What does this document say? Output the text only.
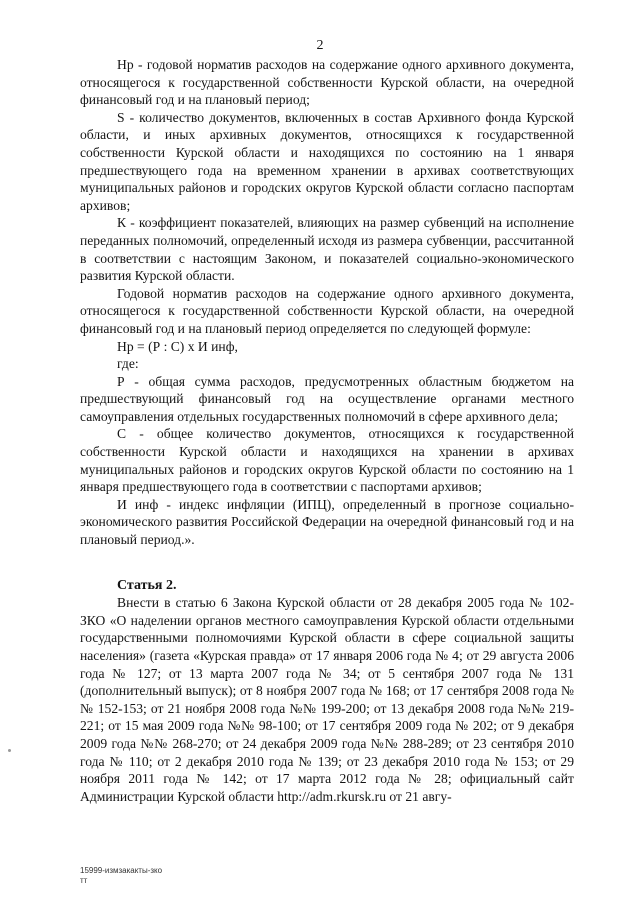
2

Нр - годовой норматив расходов на содержание одного архивного документа, относящегося к государственной собственности Курской области, на очередной финансовый год и на плановый период;

S - количество документов, включенных в состав Архивного фонда Курской области, и иных архивных документов, относящихся к государственной собственности Курской области и находящихся по состоянию на 1 января предшествующего года на временном хранении в архивах соответствующих муниципальных районов и городских округов Курской области согласно паспортам архивов;

К - коэффициент показателей, влияющих на размер субвенций на исполнение переданных полномочий, определенный исходя из размера субвенции, рассчитанной в соответствии с настоящим Законом, и показателей социально-экономического развития Курской области.

Годовой норматив расходов на содержание одного архивного документа, относящегося к государственной собственности Курской области, на очередной финансовый год и на плановый период определяется по следующей формуле:

Нр = (Р : С) х И инф,

где:

Р - общая сумма расходов, предусмотренных областным бюджетом на предшествующий финансовый год на осуществление органами местного самоуправления отдельных государственных полномочий в сфере архивного дела;

С - общее количество документов, относящихся к государственной собственности Курской области и находящихся на хранении в архивах муниципальных районов и городских округов Курской области по состоянию на 1 января предшествующего года в соответствии с паспортами архивов;

И инф - индекс инфляции (ИПЦ), определенный в прогнозе социально-экономического развития Российской Федерации на очередной финансовый год и на плановый период.».

Статья 2.

Внести в статью 6 Закона Курской области от 28 декабря 2005 года № 102-ЗКО «О наделении органов местного самоуправления Курской области отдельными государственными полномочиями Курской области в сфере социальной защиты населения» (газета «Курская правда» от 17 января 2006 года № 4; от 29 августа 2006 года № 127; от 13 марта 2007 года № 34; от 5 сентября 2007 года № 131 (дополнительный выпуск); от 8 ноября 2007 года № 168; от 17 сентября 2008 года №№ 152-153; от 21 ноября 2008 года №№ 199-200; от 13 декабря 2008 года №№ 219-221; от 15 мая 2009 года №№ 98-100; от 17 сентября 2009 года № 202; от 9 декабря 2009 года №№ 268-270; от 24 декабря 2009 года №№ 288-289; от 23 сентября 2010 года № 110; от 2 декабря 2010 года № 139; от 23 декабря 2010 года № 153; от 29 ноября 2011 года № 142; от 17 марта 2012 года № 28; официальный сайт Администрации Курской области http://adm.rkursk.ru от 21 авгу-

15999-измзакакты-зко
тт
